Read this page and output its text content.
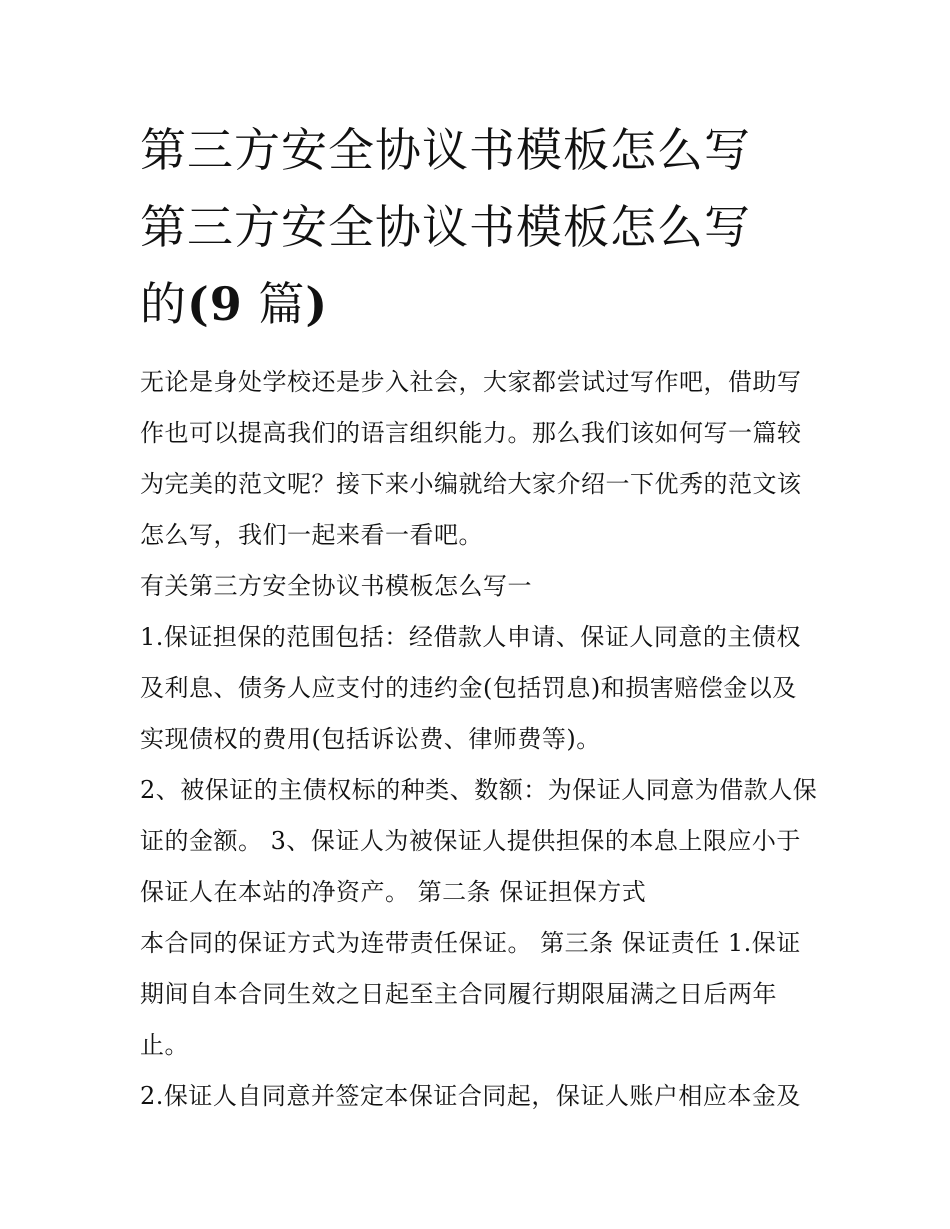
第三方安全协议书模板怎么写
第三方安全协议书模板怎么写
的(9 篇)

无论是身处学校还是步入社会，大家都尝试过写作吧，借助写作也可以提高我们的语言组织能力。那么我们该如何写一篇较为完美的范文呢？接下来小编就给大家介绍一下优秀的范文该怎么写，我们一起来看一看吧。

有关第三方安全协议书模板怎么写一

1.保证担保的范围包括：经借款人申请、保证人同意的主债权及利息、债务人应支付的违约金(包括罚息)和损害赔偿金以及实现债权的费用(包括诉讼费、律师费等)。

2、被保证的主债权标的种类、数额：为保证人同意为借款人保证的金额。 3、保证人为被保证人提供担保的本息上限应小于保证人在本站的净资产。 第二条 保证担保方式

本合同的保证方式为连带责任保证。 第三条 保证责任 1.保证期间自本合同生效之日起至主合同履行期限届满之日后两年止。

2.保证人自同意并签定本保证合同起，保证人账户相应本金及
